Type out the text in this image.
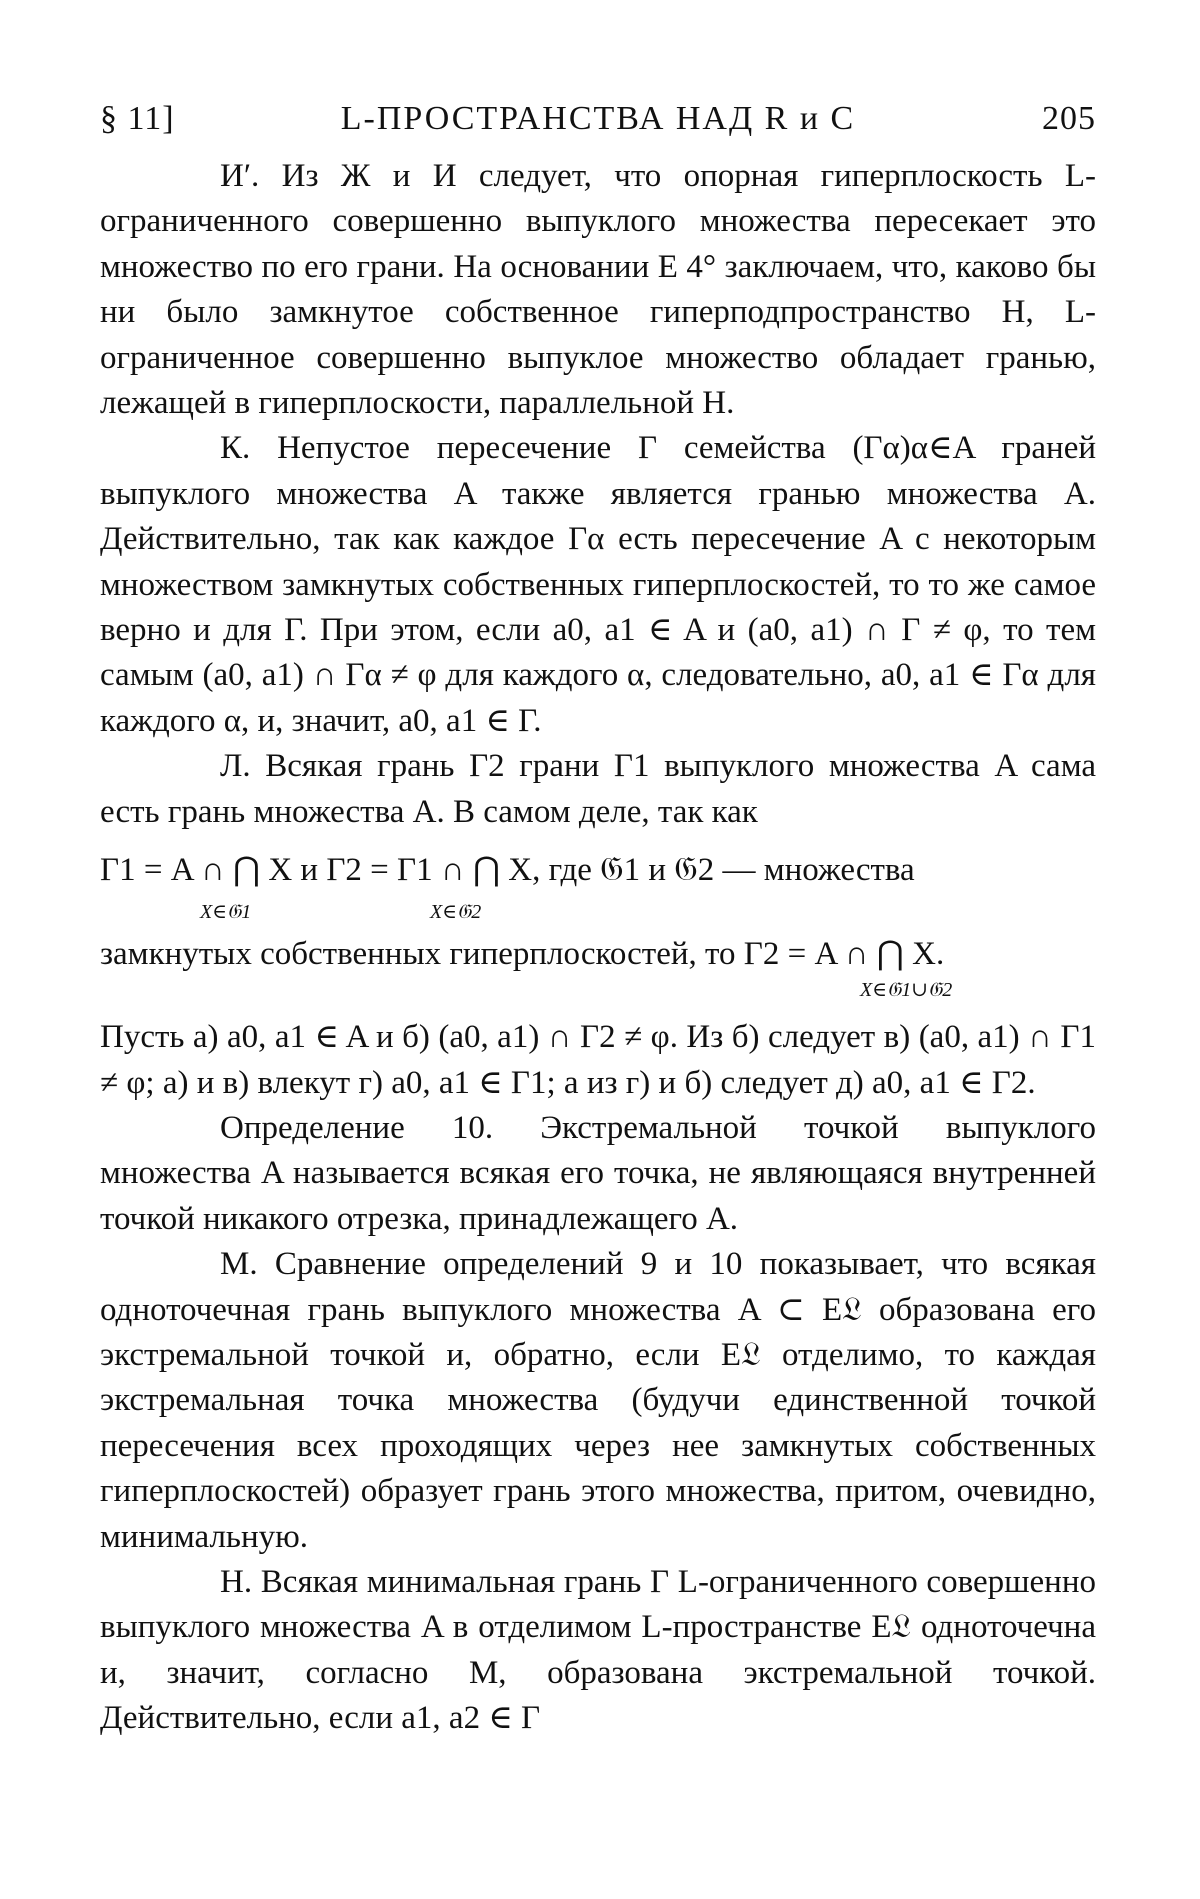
§ 11]	L-ПРОСТРАНСТВА НАД R и C	205

И′. Из Ж и И следует, что опорная гиперплоскость L-ограниченного совершенно выпуклого множества пересекает это множество по его грани. На основании Е 4° заключаем, что, каково бы ни было замкнутое собственное гиперподпространство H, L-ограниченное совершенно выпуклое множество обладает гранью, лежащей в гиперплоскости, параллельной H.

К. Непустое пересечение Γ семейства (Γα)α∈A граней выпуклого множества A также является гранью множества A. Действительно, так как каждое Γα есть пересечение A с некоторым множеством замкнутых собственных гиперплоскостей, то то же самое верно и для Γ. При этом, если a0, a1 ∈ A и (a0, a1) ∩ Γ ≠ φ, то тем самым (a0, a1) ∩ Γα ≠ φ для каждого α, следовательно, a0, a1 ∈ Γα для каждого α, и, значит, a0, a1 ∈ Γ.

Л. Всякая грань Γ2 грани Γ1 выпуклого множества A сама есть грань множества A. В самом деле, так как

Γ1 = A ∩ ⋂ X и Γ2 = Γ1 ∩ ⋂ X, где 𝔊1 и 𝔊2 — множества
X∈𝔊1	X∈𝔊2
замкнутых собственных гиперплоскостей, то Γ2 = A ∩ ⋂ X.
X∈𝔊1∪𝔊2

Пусть а) a0, a1 ∈ A и б) (a0, a1) ∩ Γ2 ≠ φ. Из б) следует в) (a0, a1) ∩ Γ1 ≠ φ; а) и в) влекут г) a0, a1 ∈ Γ1; а из г) и б) следует д) a0, a1 ∈ Γ2.

Определение 10. Экстремальной точкой выпуклого множества A называется всякая его точка, не являющаяся внутренней точкой никакого отрезка, принадлежащего A.

М. Сравнение определений 9 и 10 показывает, что всякая одноточечная грань выпуклого множества A ⊂ E𝔏 образована его экстремальной точкой и, обратно, если E𝔏 отделимо, то каждая экстремальная точка множества (будучи единственной точкой пересечения всех проходящих через нее замкнутых собственных гиперплоскостей) образует грань этого множества, притом, очевидно, минимальную.

Н. Всякая минимальная грань Γ L-ограниченного совершенно выпуклого множества A в отделимом L-пространстве E𝔏 одноточечна и, значит, согласно М, образована экстремальной точкой. Действительно, если a1, a2 ∈ Γ
